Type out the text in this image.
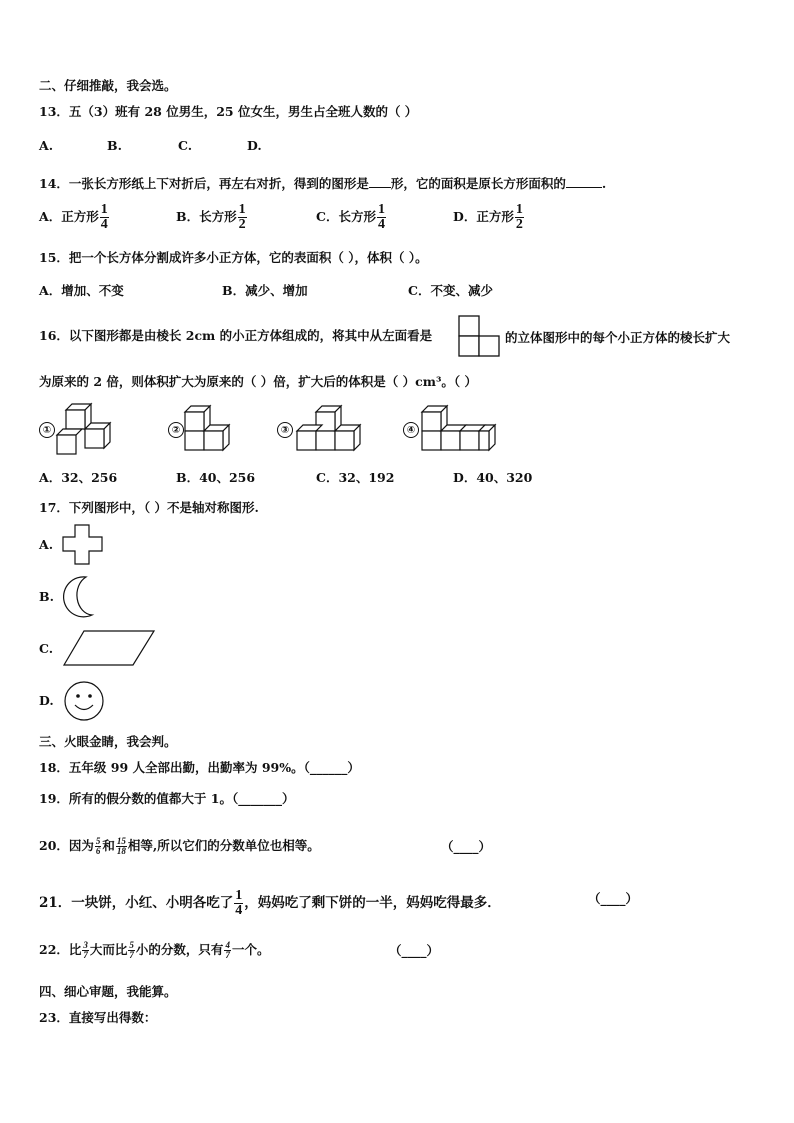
二、仔细推敲，我会选。
13．五（3）班有 28 位男生，25 位女生，男生占全班人数的（ ）
A.	B.	C.	D.
14．一张长方形纸上下对折后，再左右对折，得到的图形是 形，它的面积是原长方形面积的	.
A．正方形 $\frac{1}{4}$	B．长方形 $\frac{1}{2}$	C．长方形 $\frac{1}{4}$	D．正方形 $\frac{1}{2}$
15．把一个长方体分割成许多小正方体，它的表面积（ ），体积（ ）。
A．增加、不变	B．减少、增加	C．不变、减少
16．以下图形都是由棱长 2cm 的小正方体组成的，将其中从左面看是	的立体图形中的每个小正方体的棱长扩大
为原来的 2 倍，则体积扩大为原来的（ ）倍，扩大后的体积是（ ）cm³。（ ）
①	②	③	④
A．32、256	B．40、256	C．32、192	D．40、320
17．下列图形中，（ ）不是轴对称图形.
A.
B.
C.
D.
三、火眼金睛，我会判。
18．五年级 99 人全部出勤，出勤率为 99%。（______）
19．所有的假分数的值都大于 1。（_______）
20．因为 $\frac{5}{6}$ 和 $\frac{15}{18}$ 相等,所以它们的分数单位也相等。	（____）
21．一块饼，小红、小明各吃了 $\frac{1}{4}$ ，妈妈吃了剩下饼的一半，妈妈吃得最多．	（____）
22．比 $\frac{3}{7}$ 大而比 $\frac{5}{7}$ 小的分数，只有 $\frac{4}{7}$ 一个。	（____）
四、细心审题，我能算。
23．直接写出得数：
